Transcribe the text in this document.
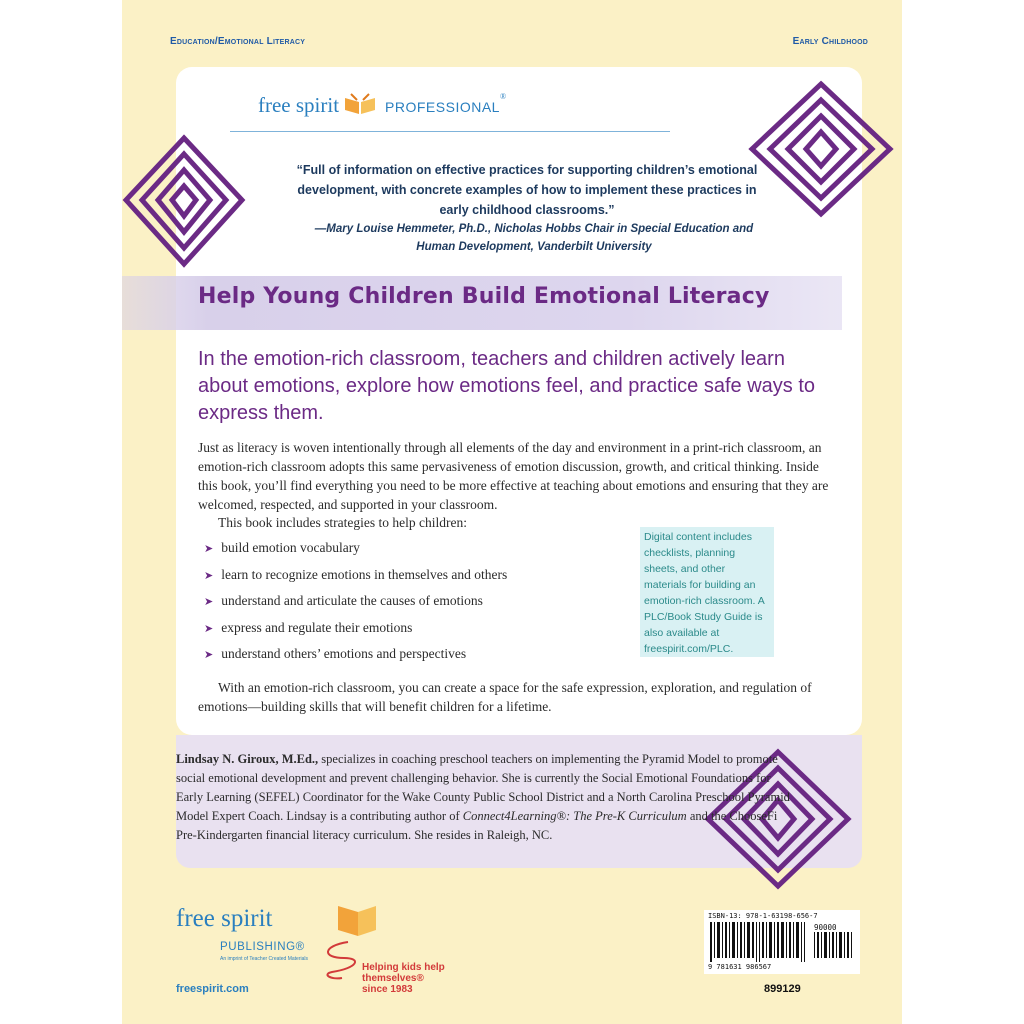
Education/Emotional Literacy	Early Childhood
free spirit	PROFESSIONAL®
“Full of information on effective practices for supporting children’s emotional development, with concrete examples of how to implement these practices in early childhood classrooms.”
—Mary Louise Hemmeter, Ph.D., Nicholas Hobbs Chair in Special Education and Human Development, Vanderbilt University
Help Young Children Build Emotional Literacy
In the emotion-rich classroom, teachers and children actively learn about emotions, explore how emotions feel, and practice safe ways to express them.
Just as literacy is woven intentionally through all elements of the day and environment in a print-rich classroom, an emotion-rich classroom adopts this same pervasiveness of emotion discussion, growth, and critical thinking. Inside this book, you’ll find everything you need to be more effective at teaching about emotions and ensuring that they are welcomed, respected, and supported in your classroom.
This book includes strategies to help children:
➤ build emotion vocabulary
➤ learn to recognize emotions in themselves and others
➤ understand and articulate the causes of emotions
➤ express and regulate their emotions
➤ understand others’ emotions and perspectives
Digital content includes checklists, planning sheets, and other materials for building an emotion-rich classroom. A PLC/Book Study Guide is also available at freespirit.com/PLC.
With an emotion-rich classroom, you can create a space for the safe expression, exploration, and regulation of emotions—building skills that will benefit children for a lifetime.
Lindsay N. Giroux, M.Ed., specializes in coaching preschool teachers on implementing the Pyramid Model to promote social emotional development and prevent challenging behavior. She is currently the Social Emotional Foundations for Early Learning (SEFEL) Coordinator for the Wake County Public School District and a North Carolina Preschool Pyramid Model Expert Coach. Lindsay is a contributing author of Connect4Learning®: The Pre-K Curriculum and the ChooseFi Pre-Kindergarten financial literacy curriculum. She resides in Raleigh, NC.
free spirit
PUBLISHING®
An imprint of Teacher Created Materials
Helping kids help themselves® since 1983
freespirit.com
ISBN-13: 978-1-63198-656-7
90000
9 781631 986567
899129
